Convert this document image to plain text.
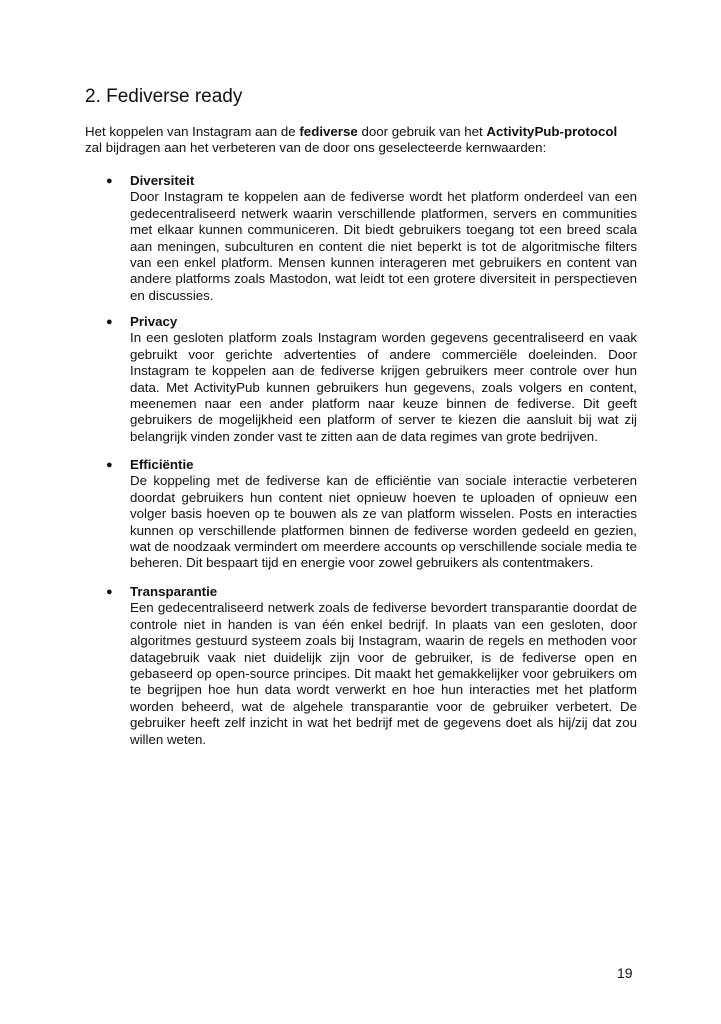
2. Fediverse ready

Het koppelen van Instagram aan de fediverse door gebruik van het ActivityPub-protocol zal bijdragen aan het verbeteren van de door ons geselecteerde kernwaarden:

● Diversiteit

Door Instagram te koppelen aan de fediverse wordt het platform onderdeel van een gedecentraliseerd netwerk waarin verschillende platformen, servers en communities met elkaar kunnen communiceren. Dit biedt gebruikers toegang tot een breed scala aan meningen, subculturen en content die niet beperkt is tot de algoritmische filters van een enkel platform. Mensen kunnen interageren met gebruikers en content van andere platforms zoals Mastodon, wat leidt tot een grotere diversiteit in perspectieven en discussies.

● Privacy

In een gesloten platform zoals Instagram worden gegevens gecentraliseerd en vaak gebruikt voor gerichte advertenties of andere commerciële doeleinden. Door Instagram te koppelen aan de fediverse krijgen gebruikers meer controle over hun data. Met ActivityPub kunnen gebruikers hun gegevens, zoals volgers en content, meenemen naar een ander platform naar keuze binnen de fediverse. Dit geeft gebruikers de mogelijkheid een platform of server te kiezen die aansluit bij wat zij belangrijk vinden zonder vast te zitten aan de data regimes van grote bedrijven.

● Efficiëntie

De koppeling met de fediverse kan de efficiëntie van sociale interactie verbeteren doordat gebruikers hun content niet opnieuw hoeven te uploaden of opnieuw een volger basis hoeven op te bouwen als ze van platform wisselen. Posts en interacties kunnen op verschillende platformen binnen de fediverse worden gedeeld en gezien, wat de noodzaak vermindert om meerdere accounts op verschillende sociale media te beheren. Dit bespaart tijd en energie voor zowel gebruikers als contentmakers.

● Transparantie

Een gedecentraliseerd netwerk zoals de fediverse bevordert transparantie doordat de controle niet in handen is van één enkel bedrijf. In plaats van een gesloten, door algoritmes gestuurd systeem zoals bij Instagram, waarin de regels en methoden voor datagebruik vaak niet duidelijk zijn voor de gebruiker, is de fediverse open en gebaseerd op open-source principes. Dit maakt het gemakkelijker voor gebruikers om te begrijpen hoe hun data wordt verwerkt en hoe hun interacties met het platform worden beheerd, wat de algehele transparantie voor de gebruiker verbetert. De gebruiker heeft zelf inzicht in wat het bedrijf met de gegevens doet als hij/zij dat zou willen weten.

19
